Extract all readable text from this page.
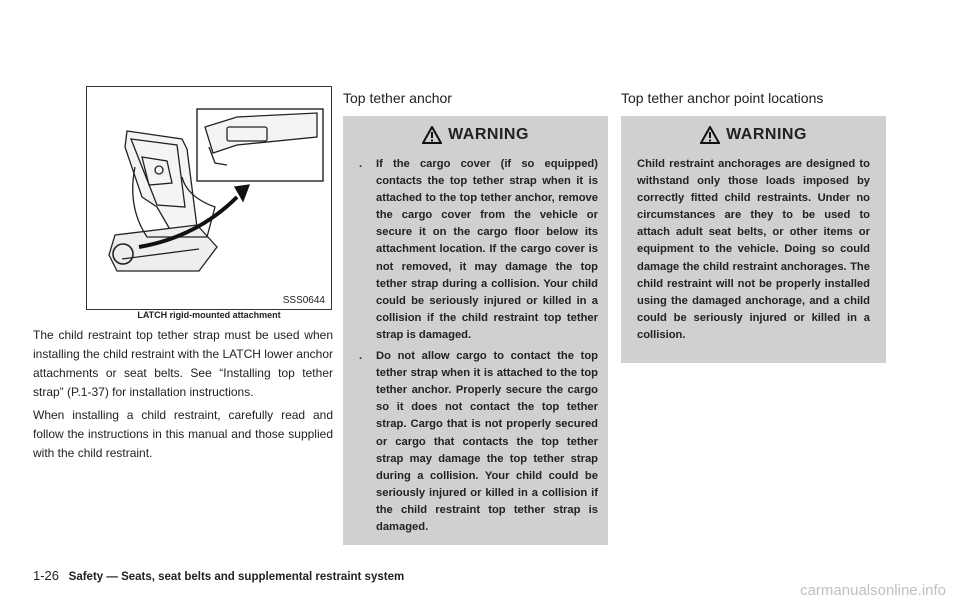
SSS0644
LATCH rigid-mounted attachment

The child restraint top tether strap must be used when installing the child restraint with the LATCH lower anchor attachments or seat belts. See “Installing top tether strap” (P.1-37) for installation instructions.

When installing a child restraint, carefully read and follow the instructions in this manual and those supplied with the child restraint.

Top tether anchor
WARNING
. If the cargo cover (if so equipped) contacts the top tether strap when it is attached to the top tether anchor, remove the cargo cover from the vehicle or secure it on the cargo floor below its attachment location. If the cargo cover is not removed, it may damage the top tether strap during a collision. Your child could be seriously injured or killed in a collision if the child restraint top tether strap is damaged.
. Do not allow cargo to contact the top tether strap when it is attached to the top tether anchor. Properly secure the cargo so it does not contact the top tether strap. Cargo that is not properly secured or cargo that contacts the top tether strap may damage the top tether strap during a collision. Your child could be seriously injured or killed in a collision if the child restraint top tether strap is damaged.
Top tether anchor point locations
WARNING
Child restraint anchorages are designed to withstand only those loads imposed by correctly fitted child restraints. Under no circumstances are they to be used to attach adult seat belts, or other items or equipment to the vehicle. Doing so could damage the child restraint anchorages. The child restraint will not be properly installed using the damaged anchorage, and a child could be seriously injured or killed in a collision.
1-26 Safety — Seats, seat belts and supplemental restraint system
carmanualsonline.info
